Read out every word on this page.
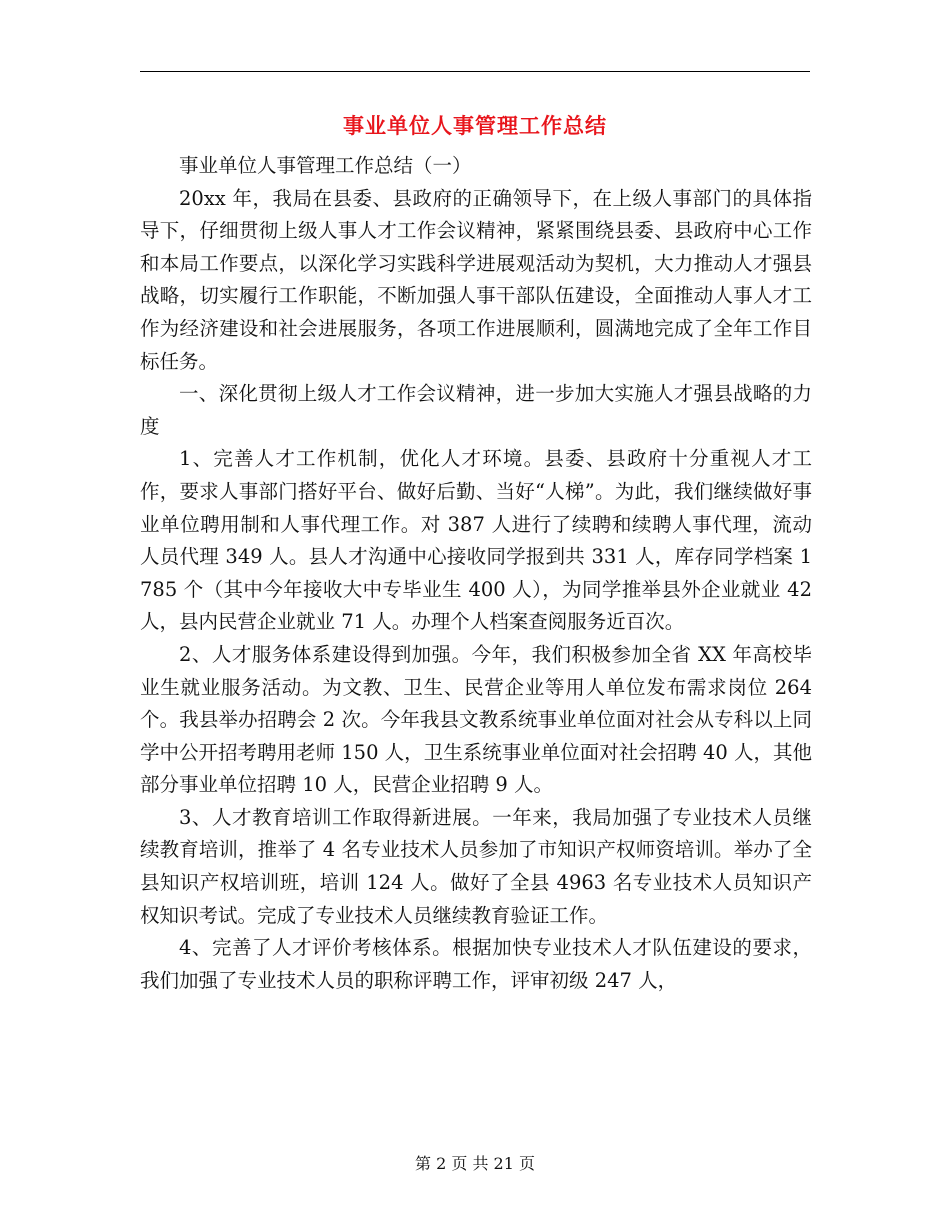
事业单位人事管理工作总结

事业单位人事管理工作总结（一）

20xx 年，我局在县委、县政府的正确领导下，在上级人事部门的具体指导下，仔细贯彻上级人事人才工作会议精神，紧紧围绕县委、县政府中心工作和本局工作要点，以深化学习实践科学进展观活动为契机，大力推动人才强县战略，切实履行工作职能，不断加强人事干部队伍建设，全面推动人事人才工作为经济建设和社会进展服务，各项工作进展顺利，圆满地完成了全年工作目标任务。

一、深化贯彻上级人才工作会议精神，进一步加大实施人才强县战略的力度

1、完善人才工作机制，优化人才环境。县委、县政府十分重视人才工作，要求人事部门搭好平台、做好后勤、当好“人梯”。为此，我们继续做好事业单位聘用制和人事代理工作。对 387 人进行了续聘和续聘人事代理，流动人员代理 349 人。县人才沟通中心接收同学报到共 331 人，库存同学档案 1785 个（其中今年接收大中专毕业生 400 人），为同学推举县外企业就业 42 人，县内民营企业就业 71 人。办理个人档案查阅服务近百次。

2、人才服务体系建设得到加强。今年，我们积极参加全省 XX 年高校毕业生就业服务活动。为文教、卫生、民营企业等用人单位发布需求岗位 264 个。我县举办招聘会 2 次。今年我县文教系统事业单位面对社会从专科以上同学中公开招考聘用老师 150 人，卫生系统事业单位面对社会招聘 40 人，其他部分事业单位招聘 10 人，民营企业招聘 9 人。

3、人才教育培训工作取得新进展。一年来，我局加强了专业技术人员继续教育培训，推举了 4 名专业技术人员参加了市知识产权师资培训。举办了全县知识产权培训班，培训 124 人。做好了全县 4963 名专业技术人员知识产权知识考试。完成了专业技术人员继续教育验证工作。

4、完善了人才评价考核体系。根据加快专业技术人才队伍建设的要求，我们加强了专业技术人员的职称评聘工作，评审初级 247 人，

第 2 页 共 21 页
